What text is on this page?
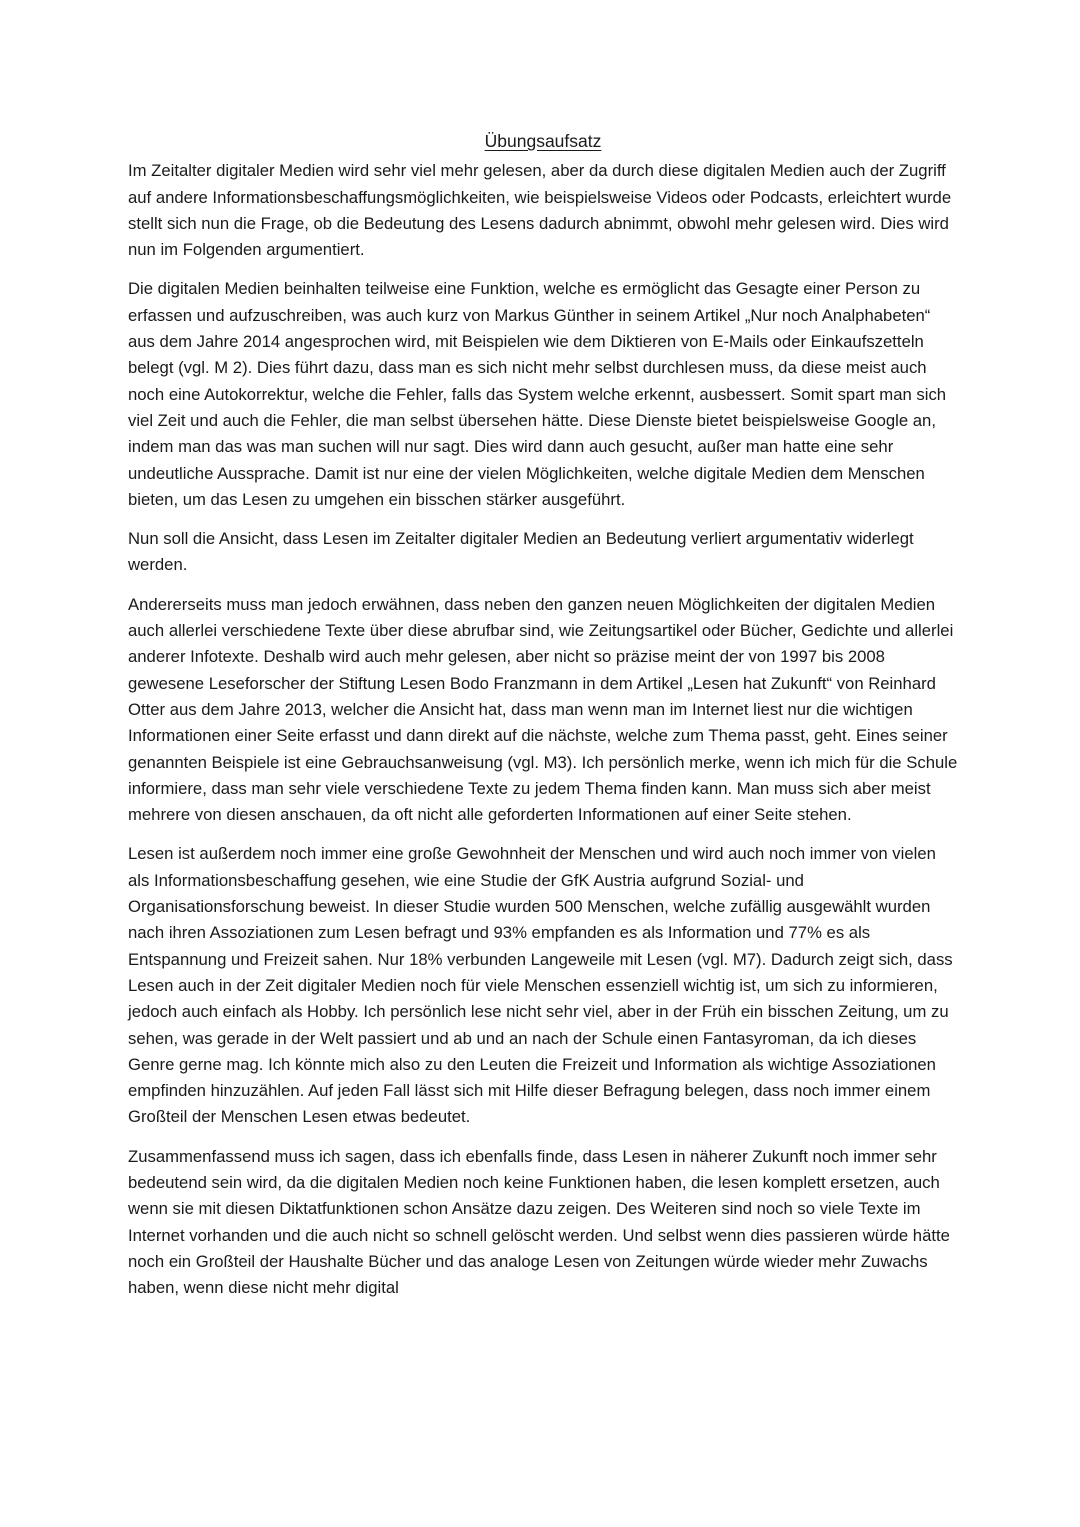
Übungsaufsatz

Im Zeitalter digitaler Medien wird sehr viel mehr gelesen, aber da durch diese digitalen Medien auch der Zugriff auf andere Informationsbeschaffungsmöglichkeiten, wie beispielsweise Videos oder Podcasts, erleichtert wurde stellt sich nun die Frage, ob die Bedeutung des Lesens dadurch abnimmt, obwohl mehr gelesen wird. Dies wird nun im Folgenden argumentiert.

Die digitalen Medien beinhalten teilweise eine Funktion, welche es ermöglicht das Gesagte einer Person zu erfassen und aufzuschreiben, was auch kurz von Markus Günther in seinem Artikel „Nur noch Analphabeten“ aus dem Jahre 2014 angesprochen wird, mit Beispielen wie dem Diktieren von E-Mails oder Einkaufszetteln belegt (vgl. M 2). Dies führt dazu, dass man es sich nicht mehr selbst durchlesen muss, da diese meist auch noch eine Autokorrektur, welche die Fehler, falls das System welche erkennt, ausbessert. Somit spart man sich viel Zeit und auch die Fehler, die man selbst übersehen hätte. Diese Dienste bietet beispielsweise Google an, indem man das was man suchen will nur sagt. Dies wird dann auch gesucht, außer man hatte eine sehr undeutliche Aussprache. Damit ist nur eine der vielen Möglichkeiten, welche digitale Medien dem Menschen bieten, um das Lesen zu umgehen ein bisschen stärker ausgeführt.

Nun soll die Ansicht, dass Lesen im Zeitalter digitaler Medien an Bedeutung verliert argumentativ widerlegt werden.

Andererseits muss man jedoch erwähnen, dass neben den ganzen neuen Möglichkeiten der digitalen Medien auch allerlei verschiedene Texte über diese abrufbar sind, wie Zeitungsartikel oder Bücher, Gedichte und allerlei anderer Infotexte. Deshalb wird auch mehr gelesen, aber nicht so präzise meint der von 1997 bis 2008 gewesene Leseforscher der Stiftung Lesen Bodo Franzmann in dem Artikel „Lesen hat Zukunft“ von Reinhard Otter aus dem Jahre 2013, welcher die Ansicht hat, dass man wenn man im Internet liest nur die wichtigen Informationen einer Seite erfasst und dann direkt auf die nächste, welche zum Thema passt, geht. Eines seiner genannten Beispiele ist eine Gebrauchsanweisung (vgl. M3). Ich persönlich merke, wenn ich mich für die Schule informiere, dass man sehr viele verschiedene Texte zu jedem Thema finden kann. Man muss sich aber meist mehrere von diesen anschauen, da oft nicht alle geforderten Informationen auf einer Seite stehen.

Lesen ist außerdem noch immer eine große Gewohnheit der Menschen und wird auch noch immer von vielen als Informationsbeschaffung gesehen, wie eine Studie der GfK Austria aufgrund Sozial- und Organisationsforschung beweist. In dieser Studie wurden 500 Menschen, welche zufällig ausgewählt wurden nach ihren Assoziationen zum Lesen befragt und 93% empfanden es als Information und 77% es als Entspannung und Freizeit sahen. Nur 18% verbunden Langeweile mit Lesen (vgl. M7). Dadurch zeigt sich, dass Lesen auch in der Zeit digitaler Medien noch für viele Menschen essenziell wichtig ist, um sich zu informieren, jedoch auch einfach als Hobby. Ich persönlich lese nicht sehr viel, aber in der Früh ein bisschen Zeitung, um zu sehen, was gerade in der Welt passiert und ab und an nach der Schule einen Fantasyroman, da ich dieses Genre gerne mag. Ich könnte mich also zu den Leuten die Freizeit und Information als wichtige Assoziationen empfinden hinzuzählen. Auf jeden Fall lässt sich mit Hilfe dieser Befragung belegen, dass noch immer einem Großteil der Menschen Lesen etwas bedeutet.

Zusammenfassend muss ich sagen, dass ich ebenfalls finde, dass Lesen in näherer Zukunft noch immer sehr bedeutend sein wird, da die digitalen Medien noch keine Funktionen haben, die lesen komplett ersetzen, auch wenn sie mit diesen Diktatfunktionen schon Ansätze dazu zeigen. Des Weiteren sind noch so viele Texte im Internet vorhanden und die auch nicht so schnell gelöscht werden. Und selbst wenn dies passieren würde hätte noch ein Großteil der Haushalte Bücher und das analoge Lesen von Zeitungen würde wieder mehr Zuwachs haben, wenn diese nicht mehr digital
